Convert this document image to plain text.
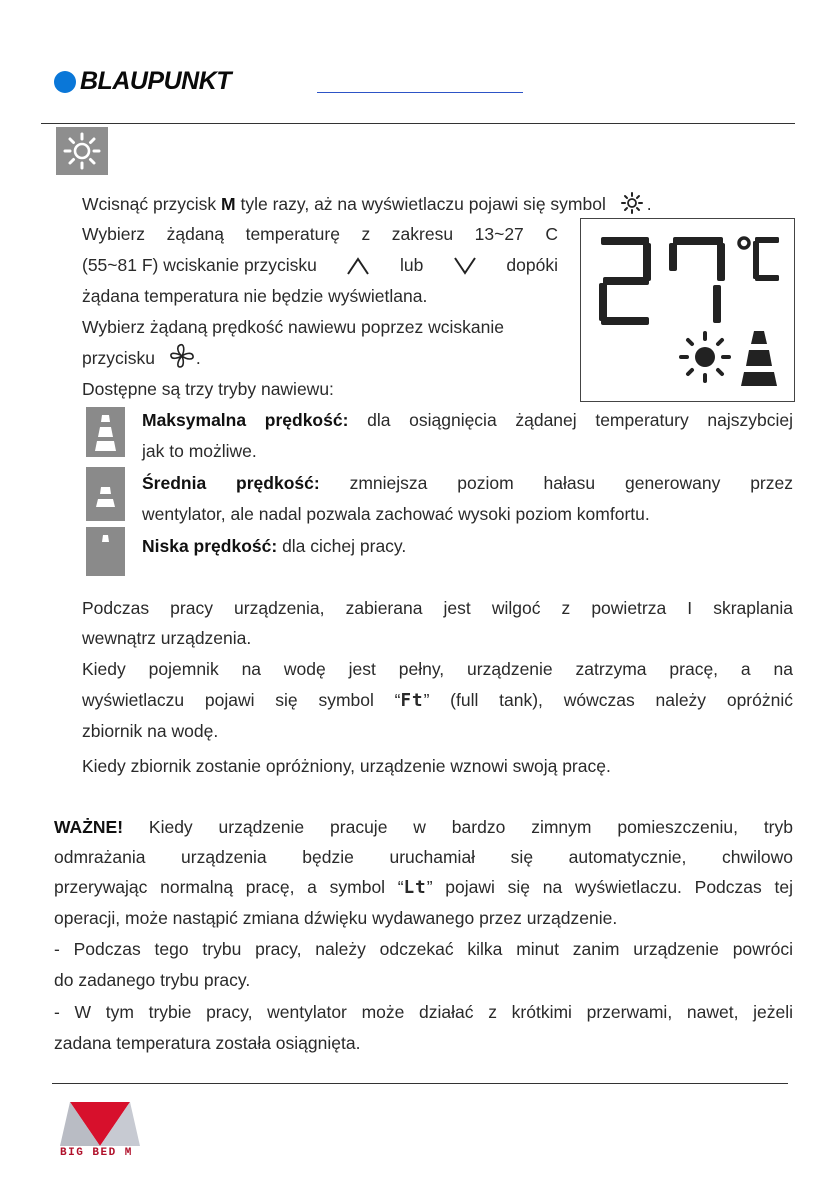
BLAUPUNKT
Wcisnąć przycisk M tyle razy, aż na wyświetlaczu pojawi się symbol .
Wybierz żądaną temperaturę z zakresu 13~27 C
(55~81 F) wciskanie przycisku	lub	dopóki
żądana temperatura nie będzie wyświetlana.
Wybierz żądaną prędkość nawiewu poprzez wciskanie
przycisku .
Dostępne są trzy tryby nawiewu:
Maksymalna prędkość: dla osiągnięcia żądanej temperatury najszybciej
jak to możliwe.
Średnia prędkość: zmniejsza poziom hałasu generowany przez
wentylator, ale nadal pozwala zachować wysoki poziom komfortu.
Niska prędkość: dla cichej pracy.
Podczas pracy urządzenia, zabierana jest wilgoć z powietrza I skraplania
wewnątrz urządzenia.
Kiedy pojemnik na wodę jest pełny, urządzenie zatrzyma pracę, a na
wyświetlaczu pojawi się symbol “Ft” (full tank), wówczas należy opróżnić
zbiornik na wodę.
Kiedy zbiornik zostanie opróżniony, urządzenie wznowi swoją pracę.
WAŻNE! Kiedy urządzenie pracuje w bardzo zimnym pomieszczeniu, tryb
odmrażania urządzenia będzie uruchamiał się automatycznie, chwilowo
przerywając normalną pracę, a symbol “Lt” pojawi się na wyświetlaczu. Podczas tej
operacji, może nastąpić zmiana dźwięku wydawanego przez urządzenie.
- Podczas tego trybu pracy, należy odczekać kilka minut zanim urządzenie powróci
do zadanego trybu pracy.
- W tym trybie pracy, wentylator może działać z krótkimi przerwami, nawet, jeżeli
zadana temperatura została osiągnięta.
BIG BED M
